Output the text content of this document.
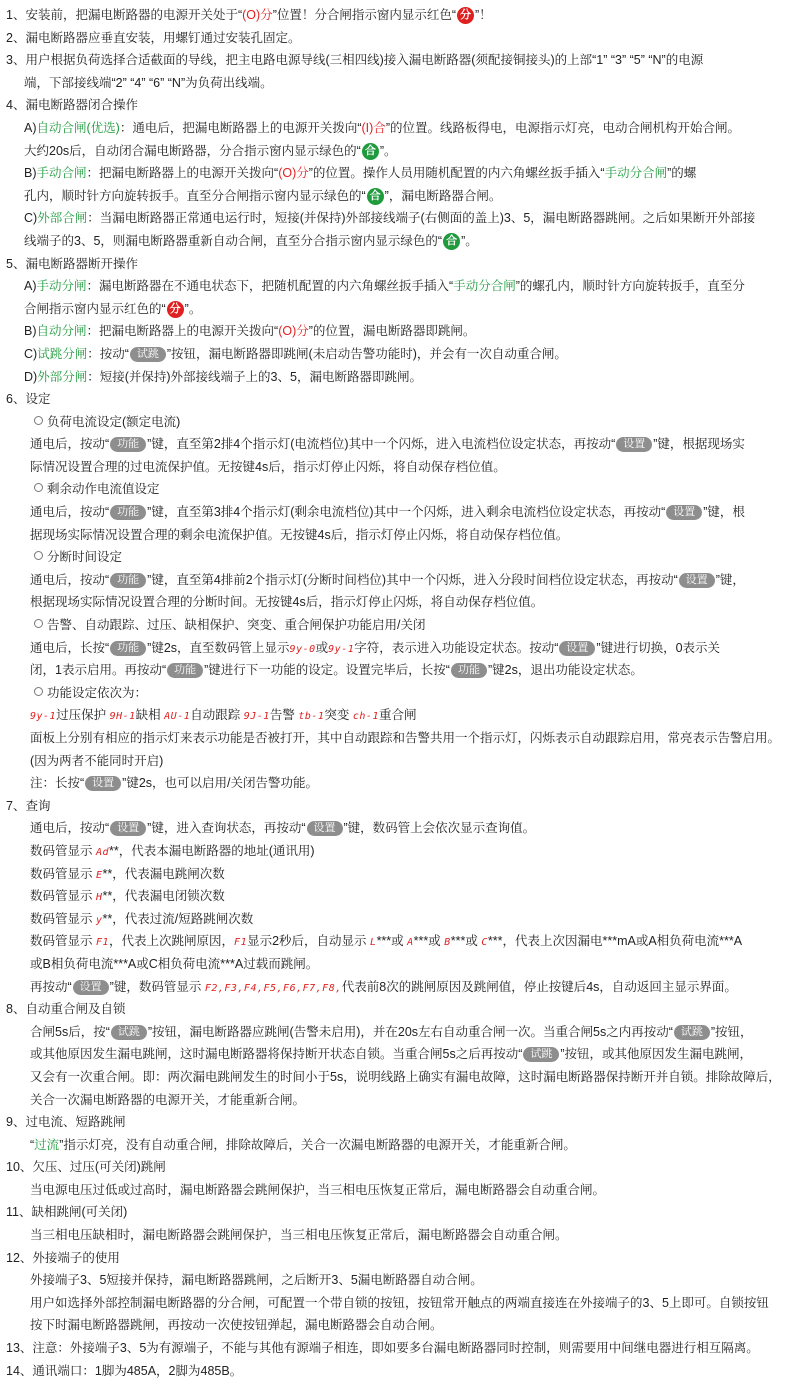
1、安装前，把漏电断路器的电源开关处于“(O)分”位置！分合闸指示窗内显示红色“ 分 ”！
2、漏电断路器应垂直安装，用螺钉通过安装孔固定。
3、用户根据负荷选择合适截面的导线，把主电路电源导线(三相四线)接入漏电断路器(须配接铜接头)的上部“1” “3” “5” “N”的电源
端，下部接线端“2” “4” “6” “N”为负荷出线端。
4、漏电断路器闭合操作
A)自动合闸(优选)：通电后，把漏电断路器上的电源开关拨向“(I)合”的位置。线路板得电，电源指示灯亮，电动合闸机构开始合闸。
大约20s后，自动闭合漏电断路器，分合指示窗内显示绿色的“ 合 ”。
B)手动合闸：把漏电断路器上的电源开关拨向“(O)分”的位置。操作人员用随机配置的内六角螺丝扳手插入“手动分合闸”的螺
孔内，顺时针方向旋转扳手。直至分合闸指示窗内显示绿色的“ 合 ”，漏电断路器合闸。
C)外部合闸：当漏电断路器正常通电运行时，短接(并保持)外部接线端子(右侧面的盖上)3、5，漏电断路器跳闸。之后如果断开外部接
线端子的3、5，则漏电断路器重新自动合闸，直至分合指示窗内显示绿色的“ 合 ”。
5、漏电断路器断开操作
A)手动分闸：漏电断路器在不通电状态下，把随机配置的内六角螺丝扳手插入“手动分合闸”的螺孔内，顺时针方向旋转扳手，直至分
合闸指示窗内显示红色的“ 分 ”。
B)自动分闸：把漏电断路器上的电源开关拨向“(O)分”的位置，漏电断路器即跳闸。
C)试跳分闸：按动“ 试跳 ”按钮，漏电断路器即跳闸(未启动告警功能时)，并会有一次自动重合闸。
D)外部分闸：短接(并保持)外部接线端子上的3、5，漏电断路器即跳闸。
6、设定
负荷电流设定(额定电流)
通电后，按动“ 功能 ”键，直至第2排4个指示灯(电流档位)其中一个闪烁，进入电流档位设定状态，再按动“ 设置 ”键，根据现场实
际情况设置合理的过电流保护值。无按键4s后，指示灯停止闪烁，将自动保存档位值。
剩余动作电流值设定
通电后，按动“ 功能 ”键，直至第3排4个指示灯(剩余电流档位)其中一个闪烁，进入剩余电流档位设定状态，再按动“ 设置 ”键，根
据现场实际情况设置合理的剩余电流保护值。无按键4s后，指示灯停止闪烁，将自动保存档位值。
分断时间设定
通电后，按动“ 功能 ”键，直至第4排前2个指示灯(分断时间档位)其中一个闪烁，进入分段时间档位设定状态，再按动“ 设置 ”键，
根据现场实际情况设置合理的分断时间。无按键4s后，指示灯停止闪烁，将自动保存档位值。
告警、自动跟踪、过压、缺相保护、突变、重合闸保护功能启用/关闭
通电后，长按“ 功能 ”键2s，直至数码管上显示9y-0或9y-1字符，表示进入功能设定状态。按动“ 设置 ”键进行切换，0表示关
闭，1表示启用。再按动“ 功能 ”键进行下一功能的设定。设置完毕后，长按“ 功能 ”键2s，退出功能设定状态。
功能设定依次为：
9y-1过压保护 9H-1缺相 AU-1自动跟踪 9J-1告警 tb-1突变 ch-1重合闸
面板上分别有相应的指示灯来表示功能是否被打开，其中自动跟踪和告警共用一个指示灯，闪烁表示自动跟踪启用，常亮表示告警启用。
(因为两者不能同时开启)
注：长按“ 设置 ”键2s，也可以启用/关闭告警功能。
7、查询
通电后，按动“ 设置 ”键，进入查询状态，再按动“ 设置 ”键，数码管上会依次显示查询值。
数码管显示 Ad**，代表本漏电断路器的地址(通讯用)
数码管显示 E**，代表漏电跳闸次数
数码管显示 H**，代表漏电闭锁次数
数码管显示 y**，代表过流/短路跳闸次数
数码管显示 F1，代表上次跳闸原因，F1显示2秒后，自动显示 L***或 A***或 B***或 C***，代表上次因漏电***mA或A相负荷电流***A
或B相负荷电流***A或C相负荷电流***A过载而跳闸。
再按动“ 设置 ”键，数码管显示 F2,F3,F4,F5,F6,F7,F8,代表前8次的跳闸原因及跳闸值，停止按键后4s，自动返回主显示界面。
8、自动重合闸及自锁
合闸5s后，按“ 试跳 ”按钮，漏电断路器应跳闸(告警未启用)，并在20s左右自动重合闸一次。当重合闸5s之内再按动“ 试跳 ”按钮，
或其他原因发生漏电跳闸，这时漏电断路器将保持断开状态自锁。当重合闸5s之后再按动“ 试跳 ”按钮，或其他原因发生漏电跳闸，
又会有一次重合闸。即：两次漏电跳闸发生的时间小于5s，说明线路上确实有漏电故障，这时漏电断路器保持断开并自锁。排除故障后，
关合一次漏电断路器的电源开关，才能重新合闸。
9、过电流、短路跳闸
“过流”指示灯亮，没有自动重合闸，排除故障后，关合一次漏电断路器的电源开关，才能重新合闸。
10、欠压、过压(可关闭)跳闸
当电源电压过低或过高时，漏电断路器会跳闸保护，当三相电压恢复正常后，漏电断路器会自动重合闸。
11、缺相跳闸(可关闭)
当三相电压缺相时，漏电断路器会跳闸保护，当三相电压恢复正常后，漏电断路器会自动重合闸。
12、外接端子的使用
外接端子3、5短接并保持，漏电断路器跳闸，之后断开3、5漏电断路器自动合闸。
用户如选择外部控制漏电断路器的分合闸，可配置一个带自锁的按钮，按钮常开触点的两端直接连在外接端子的3、5上即可。自锁按钮
按下时漏电断路器跳闸，再按动一次使按钮弹起，漏电断路器会自动合闸。
13、注意：外接端子3、5为有源端子，不能与其他有源端子相连，即如要多台漏电断路器同时控制，则需要用中间继电器进行相互隔离。
14、通讯端口：1脚为485A，2脚为485B。
